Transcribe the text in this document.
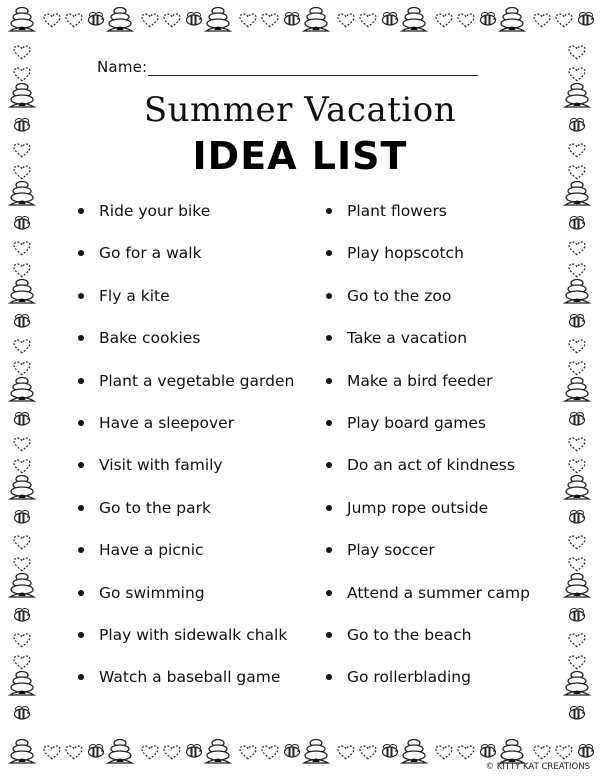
Name:
Summer Vacation
IDEA LIST
Ride your bike
Go for a walk
Fly a kite
Bake cookies
Plant a vegetable garden
Have a sleepover
Visit with family
Go to the park
Have a picnic
Go swimming
Play with sidewalk chalk
Watch a baseball game
Plant flowers
Play hopscotch
Go to the zoo
Take a vacation
Make a bird feeder
Play board games
Do an act of kindness
Jump rope outside
Play soccer
Attend a summer camp
Go to the beach
Go rollerblading
© KITTY KAT CREATIONS
